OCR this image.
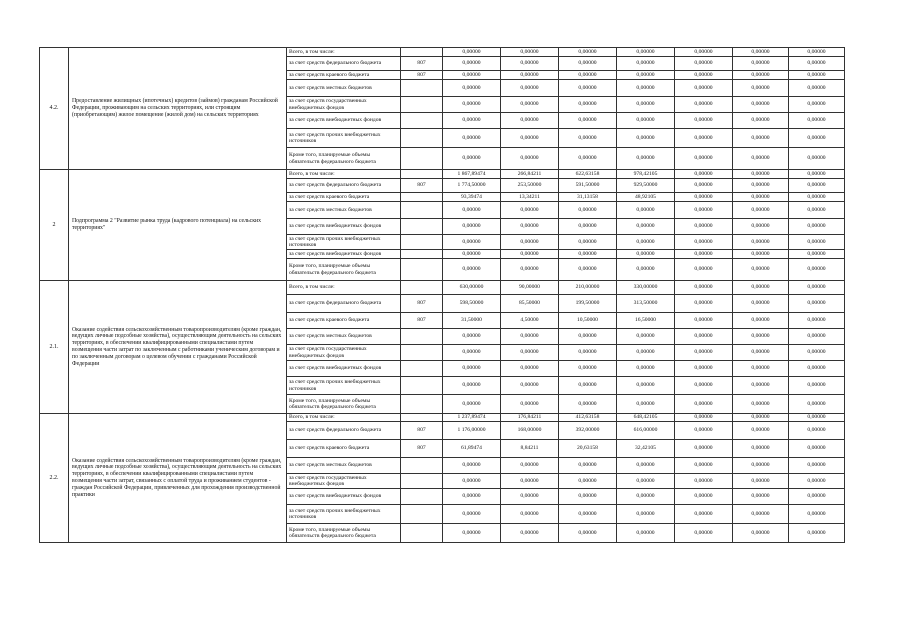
4.2.	Предоставление жилищных (ипотечных) кредитов (займов) гражданам Российской Федерации, проживающим на сельских территориях, или строящим (приобретающим) жилое помещение (жилой дом) на сельских территориях	Всего, в том числе:		0,00000	0,00000	0,00000	0,00000	0,00000	0,00000	0,00000
		за счет средств федерального бюджета	807	0,00000	0,00000	0,00000	0,00000	0,00000	0,00000	0,00000
		за счет средств краевого бюджета	807	0,00000	0,00000	0,00000	0,00000	0,00000	0,00000	0,00000
		за счет средств местных бюджетов		0,00000	0,00000	0,00000	0,00000	0,00000	0,00000	0,00000
		за счет средств государственных внебюджетных фондов		0,00000	0,00000	0,00000	0,00000	0,00000	0,00000	0,00000
		за счет средств внебюджетных фондов		0,00000	0,00000	0,00000	0,00000	0,00000	0,00000	0,00000
		за счет средств прочих внебюджетных источников		0,00000	0,00000	0,00000	0,00000	0,00000	0,00000	0,00000
		Кроме того, планируемые объемы обязательств федерального бюджета		0,00000	0,00000	0,00000	0,00000	0,00000	0,00000	0,00000
2	Подпрограмма 2 "Развитие рынка труда (кадрового потенциала) на сельских территориях"	Всего, в том числе:		1 867,89474	266,84211	622,63158	978,42105	0,00000	0,00000	0,00000
		за счет средств федерального бюджета	807	1 774,50000	253,50000	591,50000	929,50000	0,00000	0,00000	0,00000
		за счет средств краевого бюджета		93,39474	13,34211	31,13158	48,92105	0,00000	0,00000	0,00000
		за счет средств местных бюджетов		0,00000	0,00000	0,00000	0,00000	0,00000	0,00000	0,00000
		за счет средств внебюджетных фондов		0,00000	0,00000	0,00000	0,00000	0,00000	0,00000	0,00000
		за счет средств прочих внебюджетных источников		0,00000	0,00000	0,00000	0,00000	0,00000	0,00000	0,00000
		за счет средств внебюджетных фондов		0,00000	0,00000	0,00000	0,00000	0,00000	0,00000	0,00000
		Кроме того, планируемые объемы обязательств федерального бюджета		0,00000	0,00000	0,00000	0,00000	0,00000	0,00000	0,00000
2.1.	Оказание содействия сельскохозяйственным товаропроизводителям (кроме граждан, ведущих личные подсобные хозяйства), осуществляющим деятельность на сельских территориях, в обеспечении квалифицированными специалистами путем возмещения части затрат по заключенным с работниками ученическим договорам и по заключенным договорам о целевом обучении с гражданами Российской Федерации	Всего, в том числе:		630,00000	90,00000	210,00000	330,00000	0,00000	0,00000	0,00000
		за счет средств федерального бюджета	807	598,50000	85,50000	199,50000	313,50000	0,00000	0,00000	0,00000
		за счет средств краевого бюджета	807	31,50000	4,50000	10,50000	16,50000	0,00000	0,00000	0,00000
		за счет средств местных бюджетов		0,00000	0,00000	0,00000	0,00000	0,00000	0,00000	0,00000
		за счет средств государственных внебюджетных фондов		0,00000	0,00000	0,00000	0,00000	0,00000	0,00000	0,00000
		за счет средств внебюджетных фондов		0,00000	0,00000	0,00000	0,00000	0,00000	0,00000	0,00000
		за счет средств прочих внебюджетных источников		0,00000	0,00000	0,00000	0,00000	0,00000	0,00000	0,00000
		Кроме того, планируемые объемы обязательств федерального бюджета		0,00000	0,00000	0,00000	0,00000	0,00000	0,00000	0,00000
2.2.	Оказание содействия сельскохозяйственным товаропроизводителям (кроме граждан, ведущих личные подсобные хозяйства), осуществляющим деятельность на сельских территориях, в обеспечении квалифицированными специалистами путем возмещения части затрат, связанных с оплатой труда и проживанием студентов - граждан Российской Федерации, привлеченных для прохождения производственной практики	Всего, в том числе:		1 237,89474	176,84211	412,63158	648,42105	0,00000	0,00000	0,00000
		за счет средств федерального бюджета	807	1 176,00000	168,00000	392,00000	616,00000	0,00000	0,00000	0,00000
		за счет средств краевого бюджета	807	61,89474	8,84211	20,63158	32,42105	0,00000	0,00000	0,00000
		за счет средств местных бюджетов		0,00000	0,00000	0,00000	0,00000	0,00000	0,00000	0,00000
		за счет средств государственных внебюджетных фондов		0,00000	0,00000	0,00000	0,00000	0,00000	0,00000	0,00000
		за счет средств внебюджетных фондов		0,00000	0,00000	0,00000	0,00000	0,00000	0,00000	0,00000
		за счет средств прочих внебюджетных источников		0,00000	0,00000	0,00000	0,00000	0,00000	0,00000	0,00000
		Кроме того, планируемые объемы обязательств федерального бюджета		0,00000	0,00000	0,00000	0,00000	0,00000	0,00000	0,00000
